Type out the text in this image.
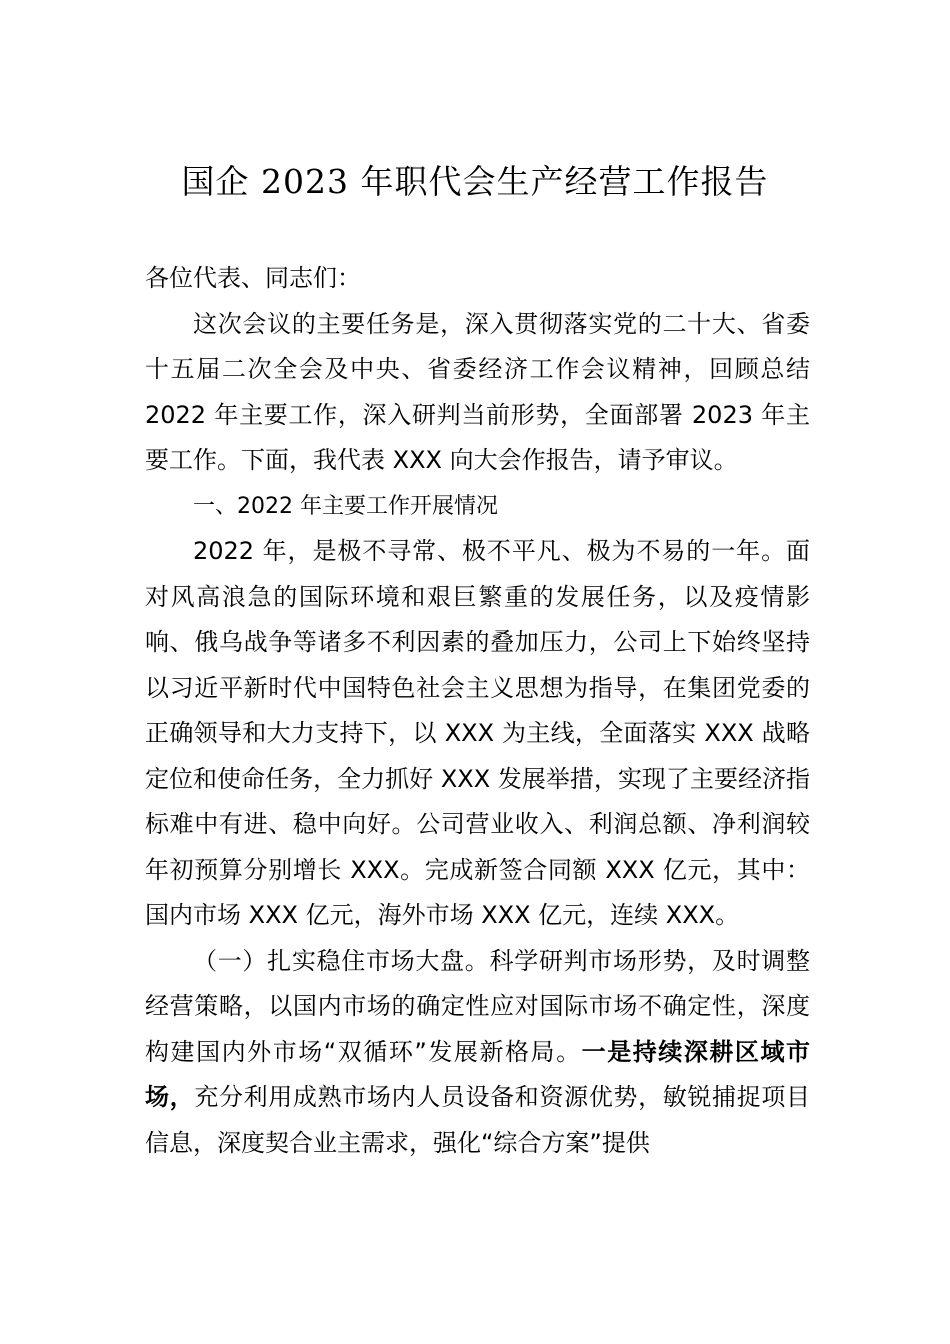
国企 2023 年职代会生产经营工作报告

各位代表、同志们：

这次会议的主要任务是，深入贯彻落实党的二十大、省委十五届二次全会及中央、省委经济工作会议精神，回顾总结 2022 年主要工作，深入研判当前形势，全面部署 2023 年主要工作。下面，我代表 XXX 向大会作报告，请予审议。

一、2022 年主要工作开展情况

2022 年，是极不寻常、极不平凡、极为不易的一年。面对风高浪急的国际环境和艰巨繁重的发展任务，以及疫情影响、俄乌战争等诸多不利因素的叠加压力，公司上下始终坚持以习近平新时代中国特色社会主义思想为指导，在集团党委的正确领导和大力支持下，以 XXX 为主线，全面落实 XXX 战略定位和使命任务，全力抓好 XXX 发展举措，实现了主要经济指标难中有进、稳中向好。公司营业收入、利润总额、净利润较年初预算分别增长 XXX。完成新签合同额 XXX 亿元，其中：国内市场 XXX 亿元，海外市场 XXX 亿元，连续 XXX。

（一）扎实稳住市场大盘。科学研判市场形势，及时调整经营策略，以国内市场的确定性应对国际市场不确定性，深度构建国内外市场“双循环”发展新格局。一是持续深耕区域市场，充分利用成熟市场内人员设备和资源优势，敏锐捕捉项目信息，深度契合业主需求，强化“综合方案”提供
